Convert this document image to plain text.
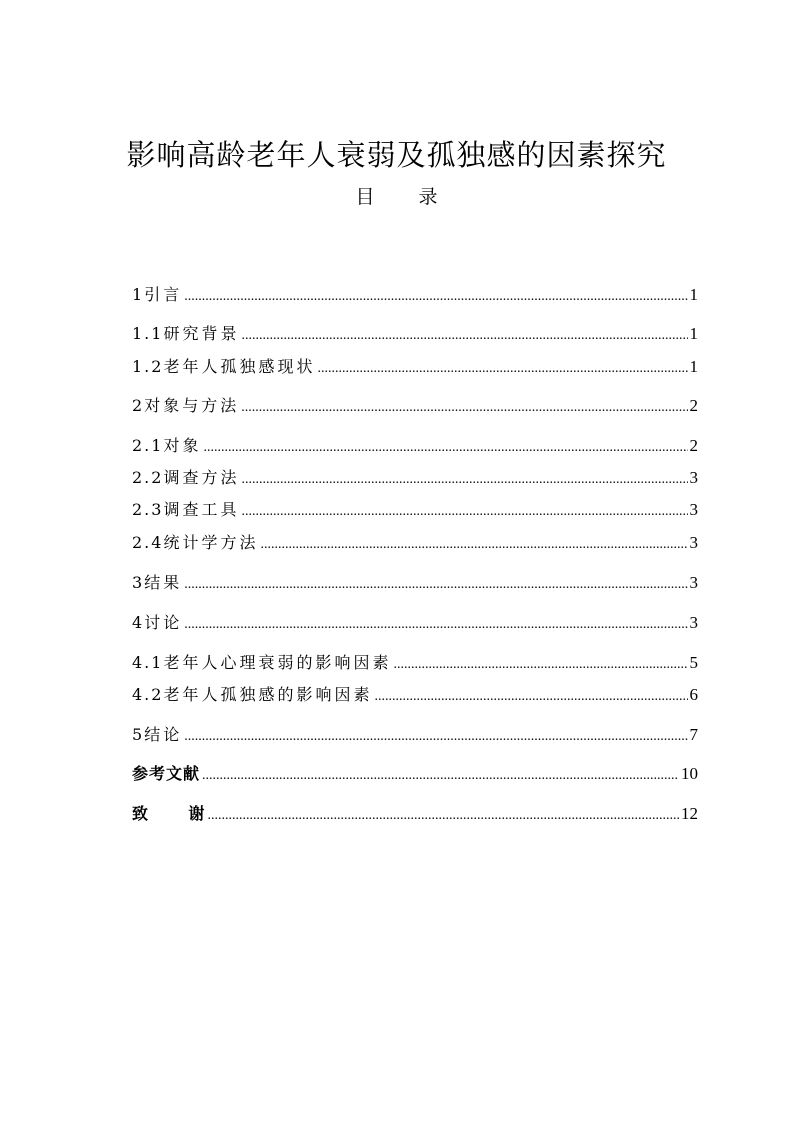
影响高龄老年人衰弱及孤独感的因素探究
目 录
1 引言 .....	1
1.1 研究背景 .....	1
1.2 老年人孤独感现状 .....	1
2 对象与方法 .....	2
2.1 对象 .....	2
2.2 调查方法 .....	3
2.3 调查工具 .....	3
2.4 统计学方法 .....	3
3 结果 .....	3
4 讨论 .....	3
4.1 老年人心理衰弱的影响因素 .....	5
4.2 老年人孤独感的影响因素 .....	6
5 结论 .....	7
参考文献 .....	10
致      谢 .....	12
